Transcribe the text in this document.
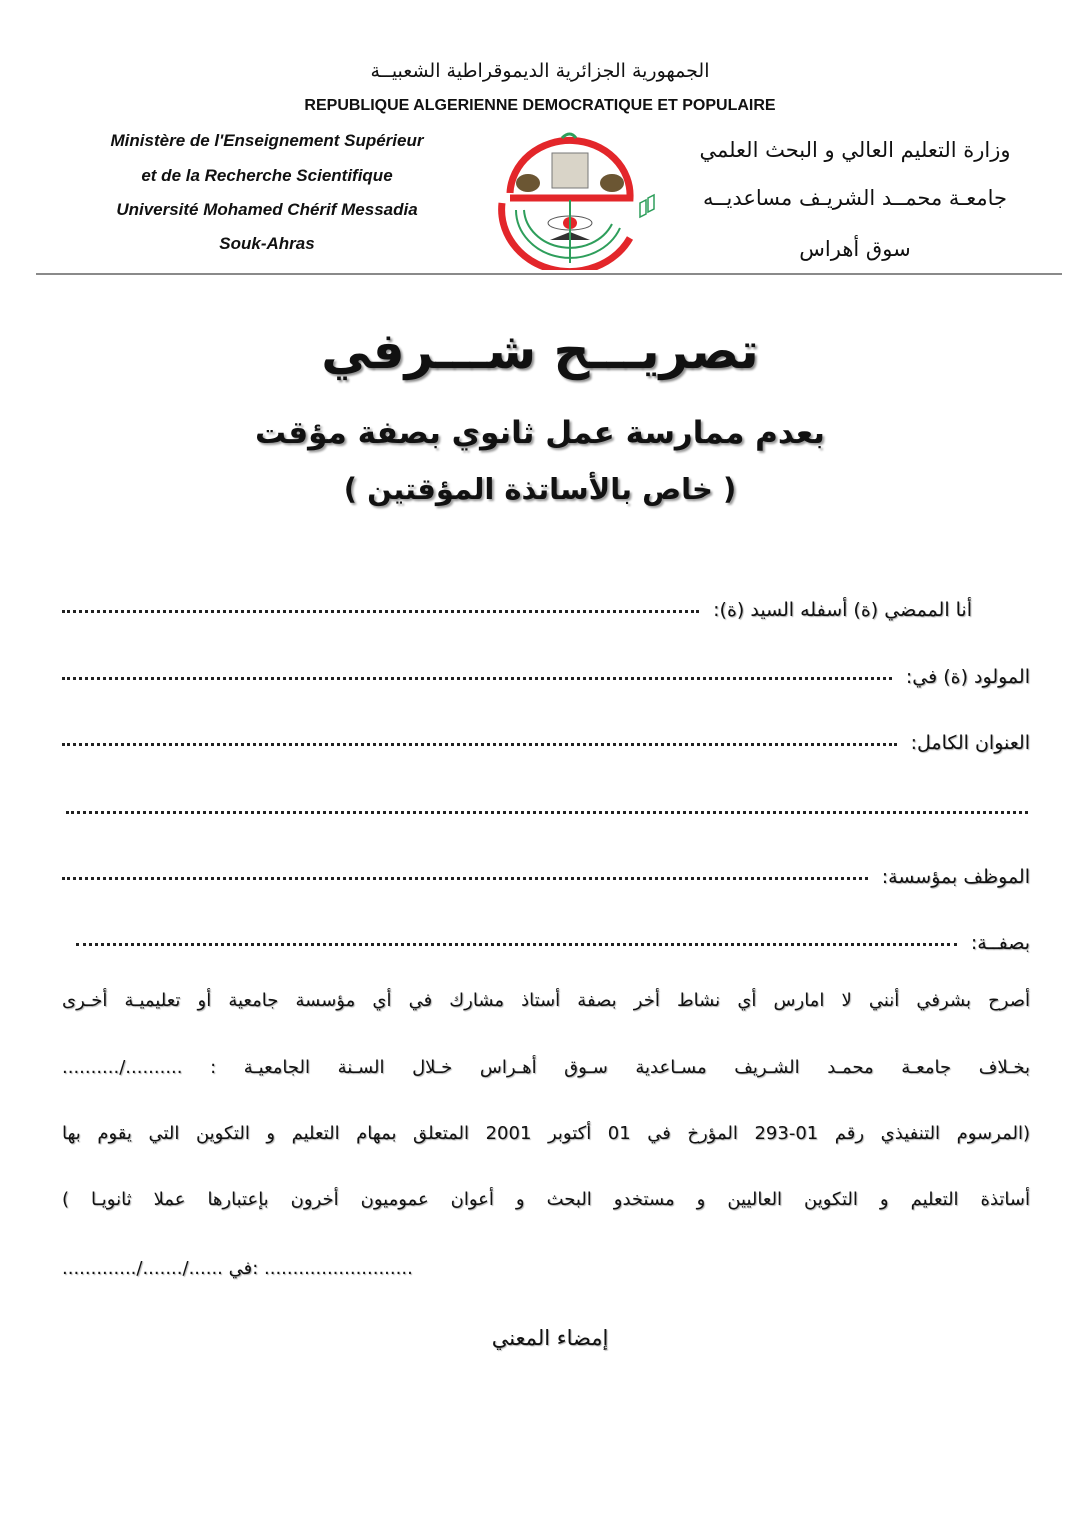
الجمهورية الجزائرية الديموقراطية الشعبيــة
REPUBLIQUE ALGERIENNE DEMOCRATIQUE ET POPULAIRE
Ministère de l'Enseignement Supérieur
et de la Recherche Scientifique
Université Mohamed Chérif Messadia
Souk-Ahras
وزارة التعليم العالي و البحث العلمي
جامعـة محمــد الشريـف مساعديــه
سوق أهراس
تصريـــح شـــرفي
بعدم ممارسة عمل ثانوي بصفة مؤقت
( خاص بالأساتذة المؤقتين )
أنا الممضي (ة) أسفله السيد (ة):
المولود (ة) في:
العنوان الكامل:
الموظف بمؤسسة:
بصفــة:
أصرح بشرفي أنني لا امارس أي نشاط أخر بصفة أستاذ مشارك في أي مؤسسة جامعية أو تعليميـة أخـرى
بخـلاف جامعـة محمـد الشـريف مسـاعدية سـوق أهـراس خـلال السـنة الجامعيـة : ........../..........
(المرسوم التنفيذي رقم 01-293 المؤرخ في 01 أكتوبر 2001 المتعلق بمهام التعليم و التكوين التي يقوم بها
أساتذة التعليم و التكوين العاليين و مستخدو البحث و أعوان عموميون أخرون بإعتبارها عملا ثانويـا )
............./......./...... في: ..........................
إمضاء المعني
